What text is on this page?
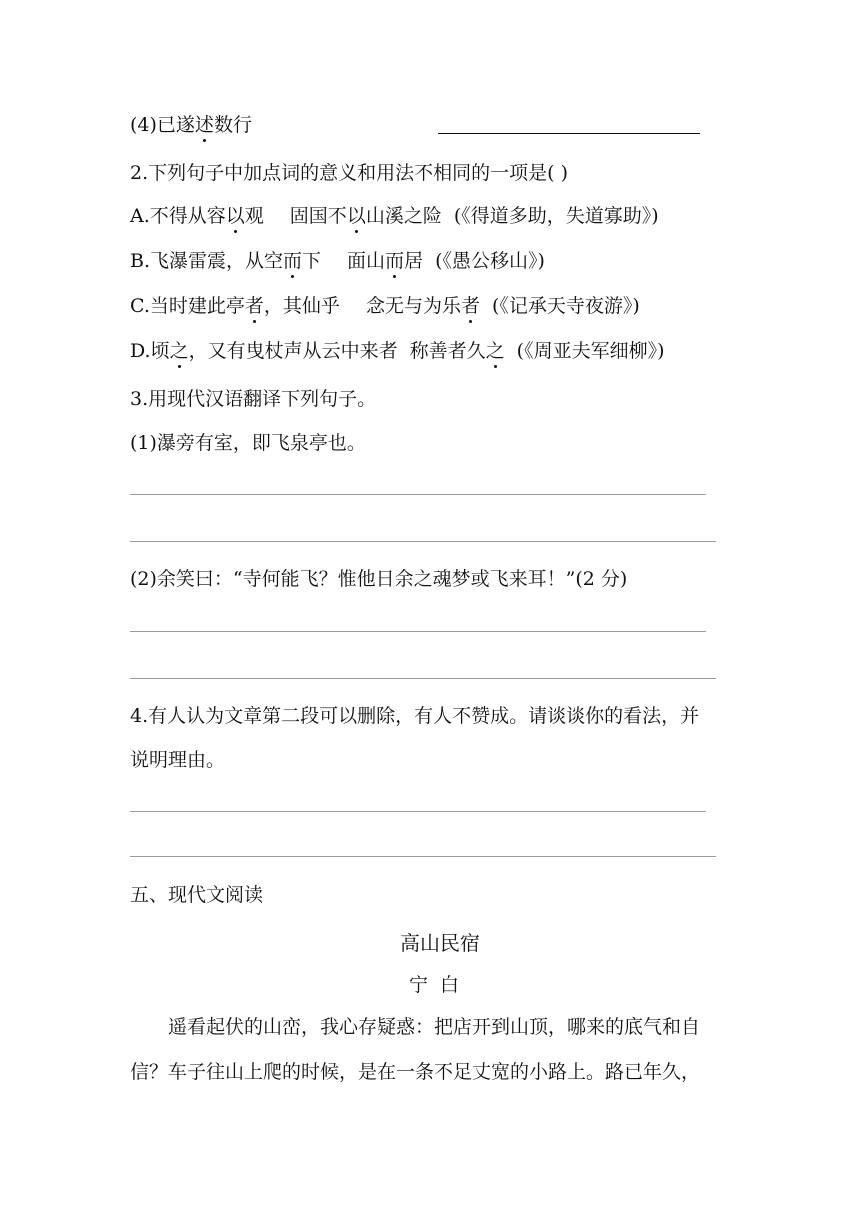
(4)已遂述数行
2.下列句子中加点词的意义和用法不相同的一项是( )
A.不得从容以观 固国不以山溪之险 (《得道多助，失道寡助》)
B.飞瀑雷震，从空而下 面山而居 (《愚公移山》)
C.当时建此亭者，其仙乎 念无与为乐者 (《记承天寺夜游》)
D.顷之，又有曳杖声从云中来者 称善者久之 (《周亚夫军细柳》)
3.用现代汉语翻译下列句子。
(1)瀑旁有室，即飞泉亭也。
(2)余笑曰：“寺何能飞？惟他日余之魂梦或飞来耳！”(2 分)
4.有人认为文章第二段可以删除，有人不赞成。请谈谈你的看法，并
说明理由。
五、现代文阅读
高山民宿
宁白
遥看起伏的山峦，我心存疑惑：把店开到山顶，哪来的底气和自
信？车子往山上爬的时候，是在一条不足丈宽的小路上。路已年久，
